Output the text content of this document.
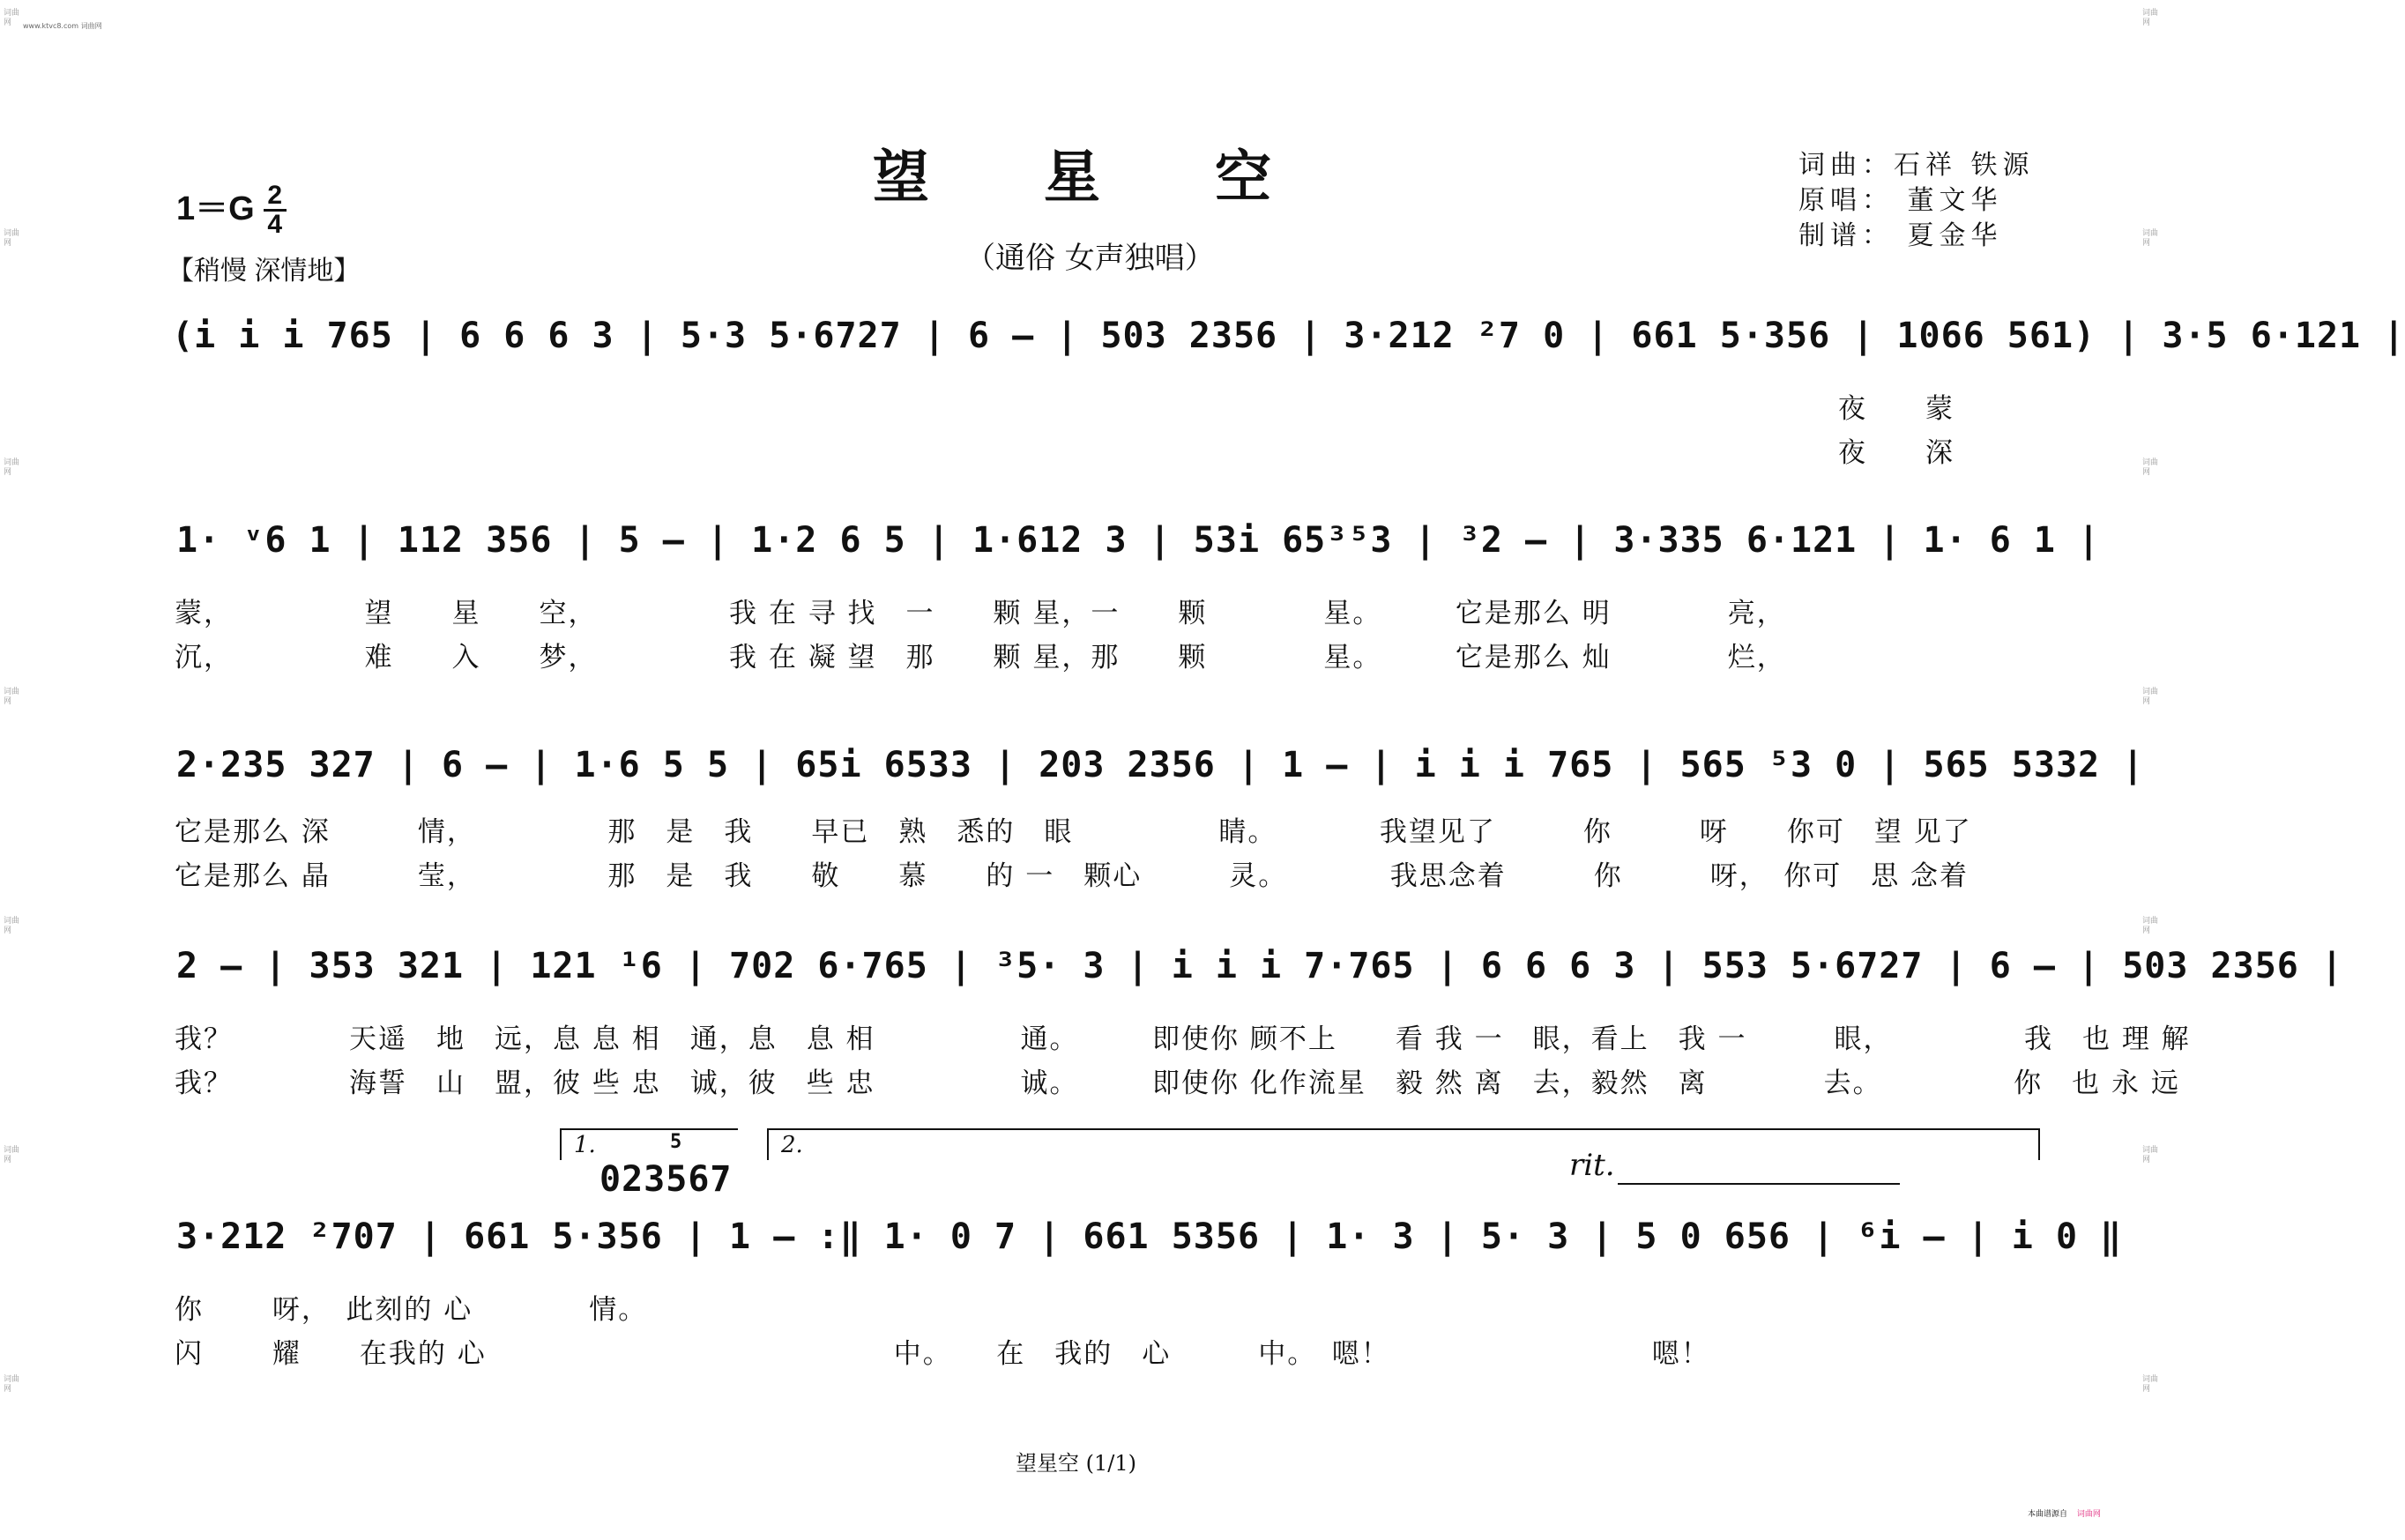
词曲网
词曲网
词曲网
词曲网
词曲网
词曲网
词曲网
词曲网
词曲网
词曲网
词曲网
词曲网
词曲网
词曲网
www.ktvc8.com 词曲网
望星空
（通俗 女声独唱）
$1=G \frac{2}{4}$
【稍慢 深情地】
词曲：石祥 铁源
原唱： 董文华
制谱： 夏金华
(i i i 765 | 6 6 6 3 | 5·3 5·6727 | 6 – | 503 2356 | 3·212 ²7 0 | 661 5·356 | 1066 561) | 3·5 6·121 |
夜　　蒙
夜　　深
1· ᵛ6 1 | 112 356 | 5 – | 1·2 6 5 | 1·612 3 | 53i 65³⁵3 | ³2 – | 3·335 6·121 | 1· 6 1 |
蒙，　　　　　望　　星　　空，　　　　　我 在 寻 找　一　　颗 星，一　　颗　　　　星。　　　它是那么 明　　　　亮，
沉，　　　　　难　　入　　梦，　　　　　我 在 凝 望　那　　颗 星，那　　颗　　　　星。　　　它是那么 灿　　　　烂，
2·235 327 | 6 – | 1·6 5 5 | 65i 6533 | 203 2356 | 1 – | i i i 765 | 565 ⁵3 0 | 565 5332 |
它是那么 深　　　情，　　　　　那　是　我　　早已　熟　悉的　眼　　　　　睛。　　　　我望见了　　　你　　　呀　　你可　望 见了
它是那么 晶　　　莹，　　　　　那　是　我　　敬　　慕　　的 一　颗心　　　灵。　　　　我思念着　　　你　　　呀，　你可　思 念着
2 – | 353 321 | 121 ¹6 | 702 6·765 | ³5· 3 | i i i 7·765 | 6 6 6 3 | 553 5·6727 | 6 – | 503 2356 |
我？　　　　天遥　地　远，息 息 相　通，息　息 相　　　　　通。　　　即使你 顾不上　　看 我 一　眼，看上　我 一　　　眼，　　　　　我　也 理 解
我？　　　　海誓　山　盟，彼 些 忠　诚，彼　些 忠　　　　　诚。　　　即使你 化作流星　毅 然 离　去，毅然　离　　　　去。　　　　　你　也 永 远
1.	2.
5
023567	rit.
3·212 ²707 | 661 5·356 | 1 – :‖ 1· 0 7 | 661 5356 | 1· 3 | 5· 3 | 5 0 656 | ⁶i – | i 0 ‖
你　　 呀，　此刻的 心　　　　情。
闪　　 耀　　在我的 心　　　　　　　　　　　　　　中。　　在　我的　心　　　中。　嗯！　　　　　　　　　嗯！
望星空 (1/1)
本曲谱源自 词曲网
